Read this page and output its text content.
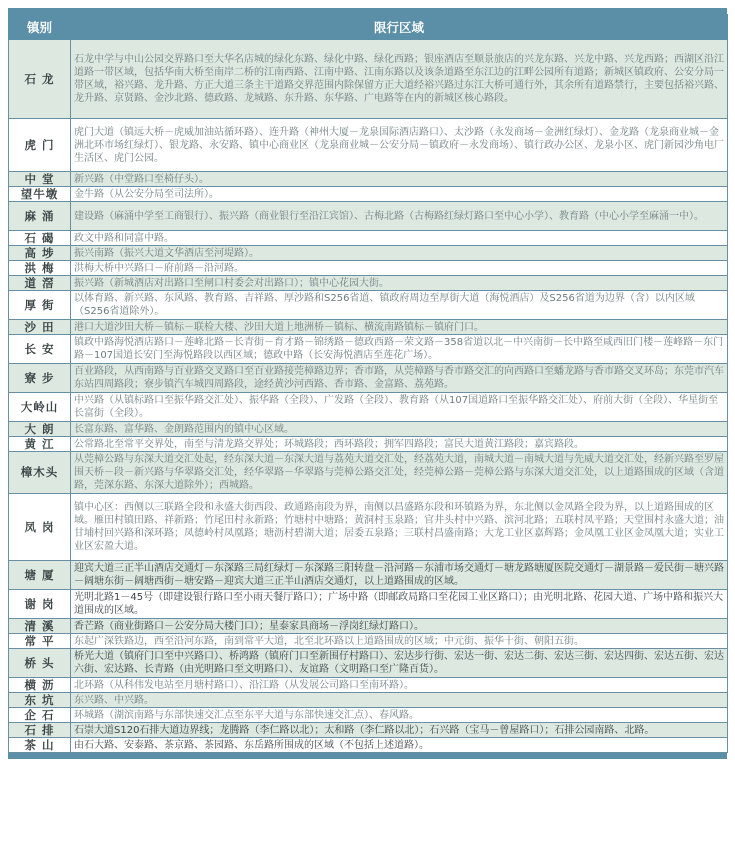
镇别	限行区域
石 龙	石龙中学与中山公园交界路口至大华名店城的绿化东路、绿化中路、绿化西路；银座酒店至顺景旅店的兴龙东路、兴龙中路、兴龙西路；西湖区沿江道路一带区域，包括华南大桥至南岸二桥的江南西路、江南中路、江南东路以及该条道路至东江边的江畔公园所有道路；新城区镇政府、公安分局一带区域，裕兴路、龙升路、方正大道三条主干道路交界范围内除保留方正大道经裕兴路过东江大桥可通行外，其余所有道路禁行，主要包括裕兴路、龙升路、京贤路、金沙北路、德政路、龙城路、东升路、东华路、广电路等在内的新城区核心路段。
虎 门	虎门大道（镇远大桥－虎威加油站循环路）、连升路（神州大厦－龙泉国际酒店路口）、太沙路（永发商场－金洲红绿灯）、金龙路（龙泉商业城－金洲北环市场红绿灯）、银龙路、永安路、镇中心商业区（龙泉商业城－公安分局－镇政府－永发商场）、镇行政办公区、龙泉小区、虎门新园沙角电厂生活区、虎门公园。
中 堂	新兴路（中堂路口至椅仔头）。
望牛墩	金牛路（从公安分局至司法所）。
麻 涌	建设路（麻涌中学至工商银行）、振兴路（商业银行至沿江宾馆）、古梅北路（古梅路红绿灯路口至中心小学）、教育路（中心小学至麻涌一中）。
石 碣	政文中路和同富中路。
高 埗	振兴南路（振兴大道文华酒店至河堤路）。
洪 梅	洪梅大桥中兴路口－府前路－沿河路。
道 滘	振兴路（新城酒店对出路口至闸口村委会对出路口）；镇中心花园大街。
厚 街	以体育路、新兴路、东风路、教育路、吉祥路、厚沙路和S256省道、镇政府周边至厚街大道（海悦酒店）及S256省道为边界（含）以内区域（S256省道除外）。
沙 田	港口大道沙田大桥－镇标－联检大楼、沙田大道上地洲桥－镇标、横流南路镇标－镇府门口。
长 安	镇政中路海悦酒店路口－莲峰北路－长青街－育才路－锦绣路－德政西路－荣文路－358省道以北－中兴南街－长中路至咸西旧门楼－莲峰路－东门路－107国道长安门至海悦路段以西区域；德政中路（长安海悦酒店至莲花广场）。
寮 步	百业路段，从西南路与百业路交叉路口至百业路接莞樟路边界；香市路，从莞樟路与香市路交汇的向西路口至蟠龙路与香市路交叉环岛；东莞市汽车东站四周路段；寮步镇汽车城四周路段，途经黄沙河西路、香市路、金富路、荔苑路。
大岭山	中兴路（从镇标路口至振华路交汇处）、振华路（全段）、广发路（全段）、教育路（从107国道路口至振华路交汇处）、府前大街（全段）、华星街至长富街（全段）。
大 朗	长富东路、富华路、金朗路范围内的镇中心区域。
黄 江	公常路北至常平交界处，南至与清龙路交界处；环城路段；西环路段；拥军四路段；富民大道黄江路段；嘉宾路段。
樟木头	从莞樟公路与东深大道交汇处起，经东深大道－东深大道与荔苑大道交汇处，经荔苑大道，南城大道－南城大道与先威大道交汇处，经新兴路至罗屋围天桥－段－新兴路与华翠路交汇处，经华翠路－华翠路与莞樟公路交汇处，经莞樟公路－莞樟公路与东深大道交汇处，以上道路围成的区域（含道路，莞深东路、东深大道除外）；西城路。
凤 岗	镇中心区：西侧以三联路全段和永盛大街西段、政通路南段为界，南侧以昌盛路东段和环镇路为界，东北侧以金凤路全段为界，以上道路围成的区域。雁田村镇田路、祥新路；竹尾田村永新路；竹塘村中塘路；黄洞村玉泉路；官井头村中兴路、滨河北路；五联村凤平路；天堂围村永盛大道；油甘埔村回兴路和深环路；凤德岭村凤凰路；塘沥村碧湖大道；居委五泉路；三联村昌盛南路；大龙工业区嘉辉路；金凤凰工业区金凤凰大道；实业工业区宏盈大道。
塘 厦	迎宾大道三正半山酒店交通灯－东深路三局红绿灯－东深路三阳转盘－沿河路－东浦市场交通灯－塘龙路塘厦医院交通灯－湖景路－爱民街－塘兴路－阔塘东街－阔塘西街－塘安路－迎宾大道三正半山酒店交通灯，以上道路围成的区域。
谢 岗	光明北路1－45号（即建设银行路口至小雨天餐厅路口）；广场中路（即邮政局路口至花园工业区路口）；由光明北路、花园大道、广场中路和振兴大道围成的区域。
清 溪	香芒路（商业街路口－公安分局大楼门口）；星泰家具商场－浮岗红绿灯路口）。
常 平	东起广深铁路边，西至沿河东路，南到常平大道，北至北环路以上道路围成的区域；中元街、振华十街、朝阳五街。
桥 头	桥光大道（镇府门口至中兴路口）、桥鸿路（镇府门口至新围仔村路口）、宏达步行街、宏达一街、宏达二街、宏达三街、宏达四街、宏达五街、宏达六街、宏达路、长青路（由光明路口至文明路口）、友谊路（文明路口至广隆百货）。
横 沥	北环路（从科伟发电站至月塘村路口）、沿江路（从发展公司路口至南环路）。
东 坑	东兴路、中兴路。
企 石	环城路（湖滨南路与东部快速交汇点至东平大道与东部快速交汇点）、春风路。
石 排	石崇大道S120石排大道边界线；龙腾路（李仁路以北）；太和路（李仁路以北）；石兴路（宝马－曾屋路口）；石排公园南路、北路。
茶 山	由石大路、安泰路、茶京路、茶园路、东岳路所围成的区域（不包括上述道路）。
